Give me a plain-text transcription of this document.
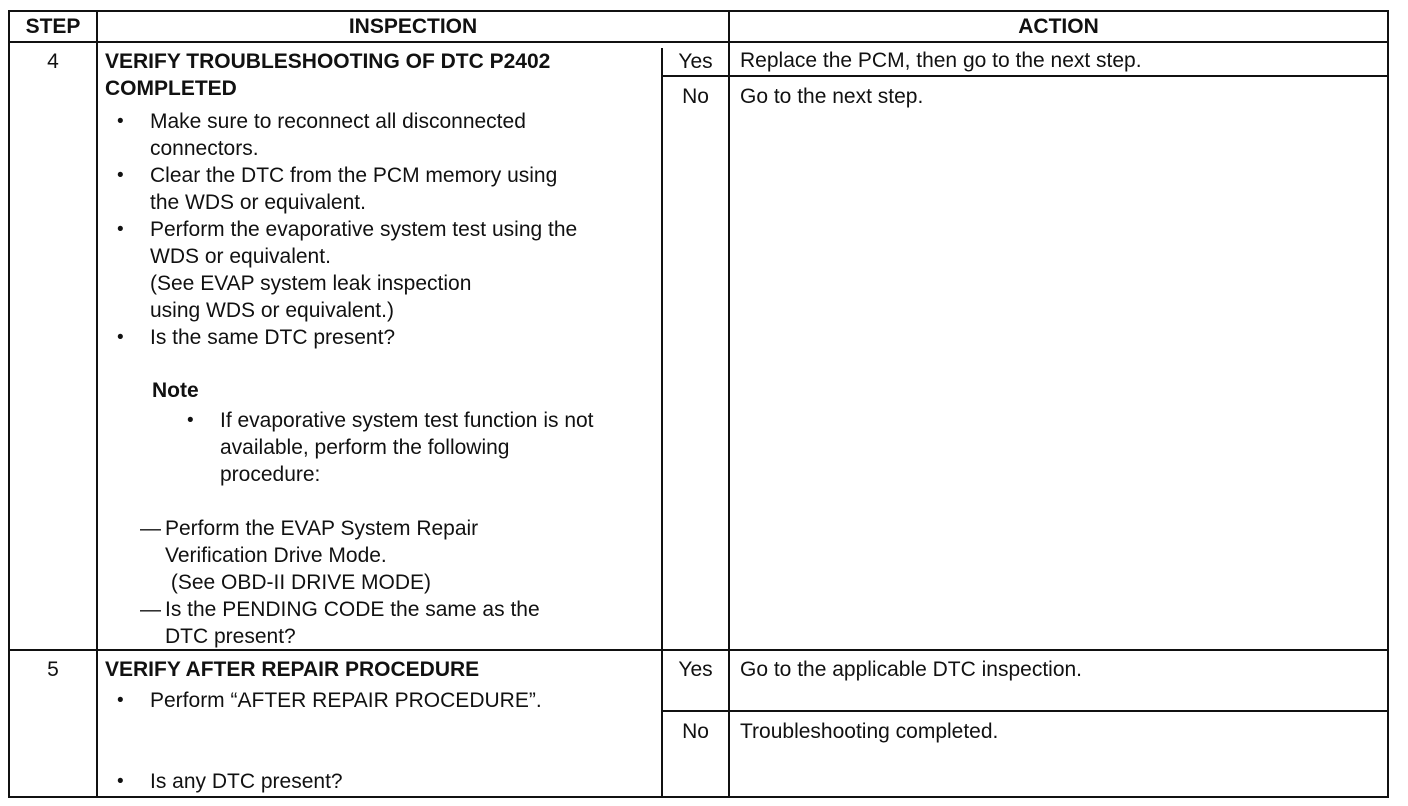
STEP	INSPECTION	ACTION
4	VERIFY TROUBLESHOOTING OF DTC P2402
COMPLETED
• Make sure to reconnect all disconnected
connectors.
• Clear the DTC from the PCM memory using
the WDS or equivalent.
• Perform the evaporative system test using the
WDS or equivalent.
(See EVAP system leak inspection
using WDS or equivalent.)
• Is the same DTC present?
Note
• If evaporative system test function is not
available, perform the following
procedure:
— Perform the EVAP System Repair
Verification Drive Mode.
(See OBD-II DRIVE MODE)
— Is the PENDING CODE the same as the
DTC present?
Yes	Replace the PCM, then go to the next step.
No	Go to the next step.
5	VERIFY AFTER REPAIR PROCEDURE
• Perform “AFTER REPAIR PROCEDURE”.
• Is any DTC present?
Yes	Go to the applicable DTC inspection.
No	Troubleshooting completed.
